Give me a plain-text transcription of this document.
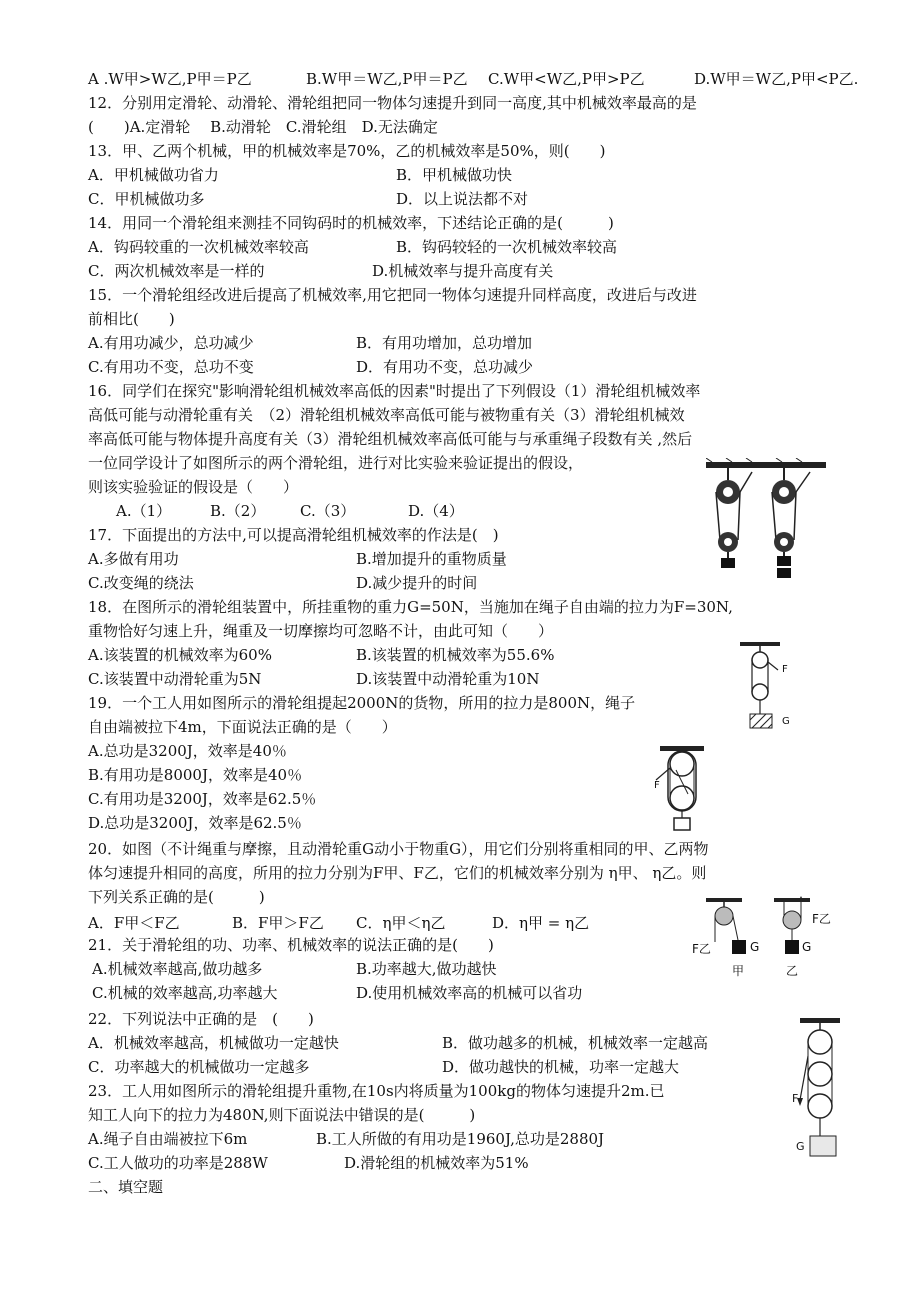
A .W甲>W乙,P甲＝P乙	B.W甲＝W乙,P甲＝P乙 C.W甲<W乙,P甲>P乙	D.W甲＝W乙,P甲<P乙.
12．分别用定滑轮、动滑轮、滑轮组把同一物体匀速提升到同一高度,其中机械效率最高的是
(　　)A.定滑轮　 B.动滑轮　C.滑轮组　D.无法确定
13．甲、乙两个机械，甲的机械效率是70%，乙的机械效率是50%，则(　　)
A．甲机械做功省力	B．甲机械做功快
C．甲机械做功多	D．以上说法都不对
14．用同一个滑轮组来测挂不同钩码时的机械效率，下述结论正确的是(　　　)
A．钩码较重的一次机械效率较高	B．钩码较轻的一次机械效率较高
C．两次机械效率是一样的	D.机械效率与提升高度有关
15．一个滑轮组经改进后提高了机械效率,用它把同一物体匀速提升同样高度，改进后与改进
前相比(　　)
A.有用功减少，总功减少	B．有用功增加，总功增加
C.有用功不变，总功不变	D．有用功不变，总功减少
16．同学们在探究"影响滑轮组机械效率高低的因素"时提出了下列假设（1）滑轮组机械效率
高低可能与动滑轮重有关　（2）滑轮组机械效率高低可能与被物重有关（3）滑轮组机械效
率高低可能与物体提升高度有关（3）滑轮组机械效率高低可能与与承重绳子段数有关 ,然后
一位同学设计了如图所示的两个滑轮组，进行对比实验来验证提出的假设，
则该实验验证的假设是（　　）
A.（1）	B.（2） C.（3）	D.（4）
17．下面提出的方法中,可以提高滑轮组机械效率的作法是(　)
A.多做有用功	B.增加提升的重物质量
C.改变绳的绕法	D.减少提升的时间
18．在图所示的滑轮组装置中，所挂重物的重力G=50N，当施加在绳子自由端的拉力为F=30N,
重物恰好匀速上升，绳重及一切摩擦均可忽略不计，由此可知（　　）
A.该装置的机械效率为60%	B.该装置的机械效率为55.6%
C.该装置中动滑轮重为5N	D.该装置中动滑轮重为10N
19．一个工人用如图所示的滑轮组提起2000N的货物，所用的拉力是800N，绳子
自由端被拉下4m，下面说法正确的是（　　）
A.总功是3200J，效率是40％
B.有用功是8000J，效率是40％
C.有用功是3200J，效率是62.5％
D.总功是3200J，效率是62.5％
20．如图（不计绳重与摩擦，且动滑轮重G动小于物重G），用它们分别将重相同的甲、乙两物
体匀速提升相同的高度，所用的拉力分别为F甲、F乙，它们的机械效率分别为 η甲、 η乙。则
下列关系正确的是(　　　)
A．F甲＜F乙	B．F甲＞F乙 C．η甲＜η乙	D．η甲 = η乙
21．关于滑轮组的功、功率、机械效率的说法正确的是(　　)
A.机械效率越高,做功越多	B.功率越大,做功越快
C.机械的效率越高,功率越大	D.使用机械效率高的机械可以省功
22．下列说法中正确的是　(　　)
A．机械效率越高，机械做功一定越快	B．做功越多的机械，机械效率一定越高
C．功率越大的机械做功一定越多	D．做功越快的机械，功率一定越大
23．工人用如图所示的滑轮组提升重物,在10s内将质量为100kg的物体匀速提升2m.已
知工人向下的拉力为480N,则下面说法中错误的是(　　　)
A.绳子自由端被拉下6m	B.工人所做的有用功是1960J,总功是2880J
C.工人做功的功率是288W	D.滑轮组的机械效率为51%
二、填空题
F
G
F
F乙	G
F乙
G
甲	乙
F
G
